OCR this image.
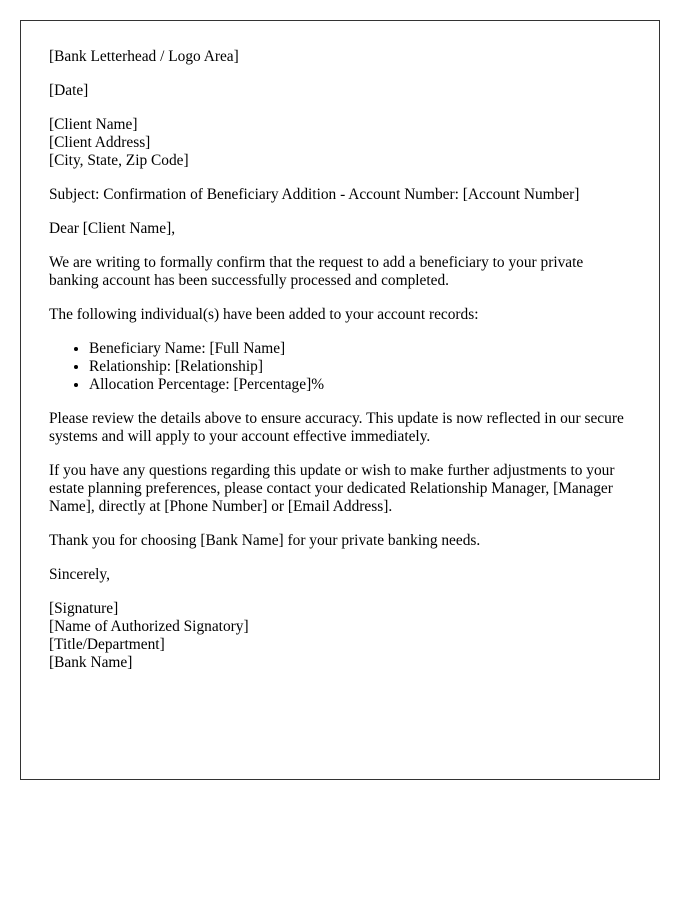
[Bank Letterhead / Logo Area]

[Date]

[Client Name]
[Client Address]
[City, State, Zip Code]

Subject: Confirmation of Beneficiary Addition - Account Number: [Account Number]

Dear [Client Name],

We are writing to formally confirm that the request to add a beneficiary to your private banking account has been successfully processed and completed.

The following individual(s) have been added to your account records:

• Beneficiary Name: [Full Name]
• Relationship: [Relationship]
• Allocation Percentage: [Percentage]%

Please review the details above to ensure accuracy. This update is now reflected in our secure systems and will apply to your account effective immediately.

If you have any questions regarding this update or wish to make further adjustments to your estate planning preferences, please contact your dedicated Relationship Manager, [Manager Name], directly at [Phone Number] or [Email Address].

Thank you for choosing [Bank Name] for your private banking needs.

Sincerely,

[Signature]
[Name of Authorized Signatory]
[Title/Department]
[Bank Name]
